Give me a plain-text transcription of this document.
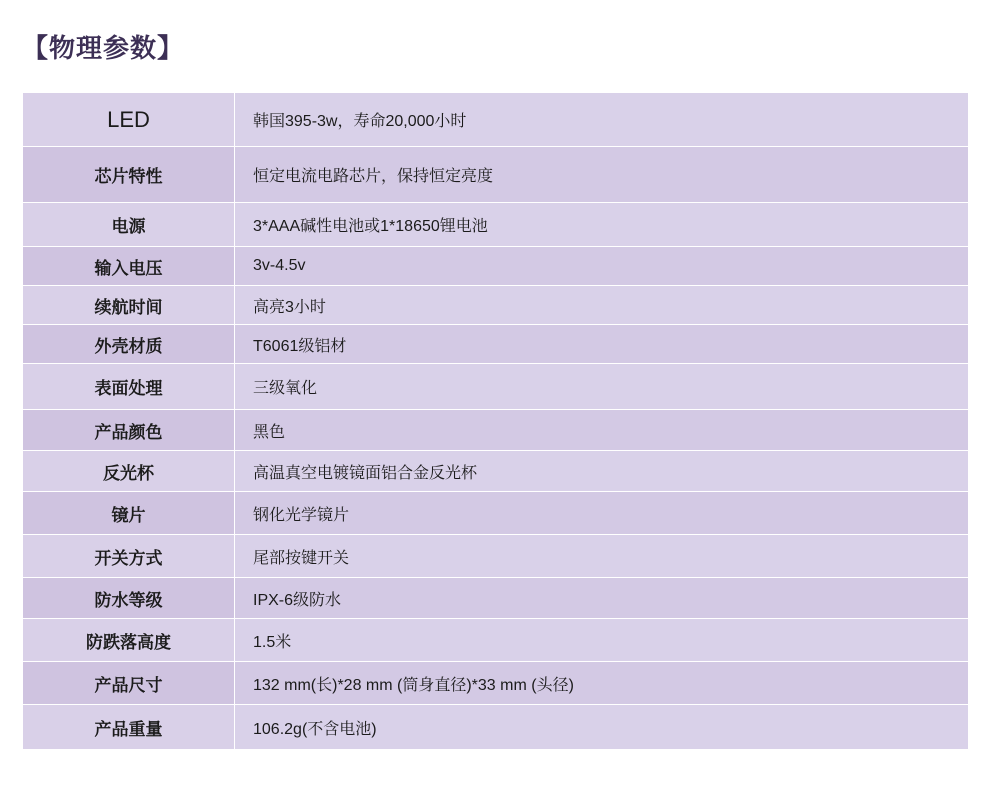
【物理参数】
LED	韩国395-3w，寿命20,000小时
芯片特性	恒定电流电路芯片，保持恒定亮度
电源	3*AAA碱性电池或1*18650锂电池
输入电压	3v-4.5v
续航时间	高亮3小时
外壳材质	T6061级铝材
表面处理	三级氧化
产品颜色	黑色
反光杯	高温真空电镀镜面铝合金反光杯
镜片	钢化光学镜片
开关方式	尾部按键开关
防水等级	IPX-6级防水
防跌落高度	1.5米
产品尺寸	132 mm(长)*28 mm (筒身直径)*33 mm (头径)
产品重量	106.2g(不含电池)
